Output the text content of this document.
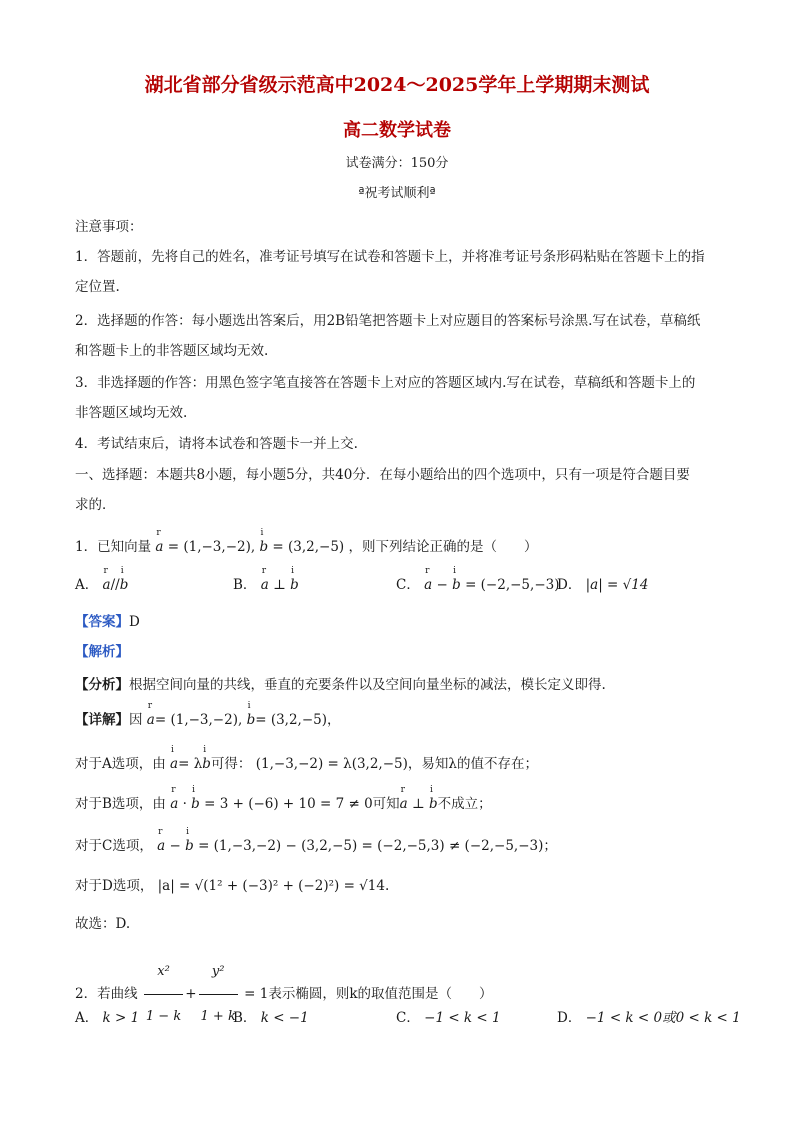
湖北省部分省级示范高中2024～2025学年上学期期末测试
高二数学试卷
试卷满分：150分
ª祝考试顺利ª
注意事项：
1．答题前，先将自己的姓名，准考证号填写在试卷和答题卡上，并将准考证号条形码粘贴在答题卡上的指
定位置.
2．选择题的作答：每小题选出答案后，用2B铅笔把答题卡上对应题目的答案标号涂黑.写在试卷，草稿纸
和答题卡上的非答题区域均无效.
3．非选择题的作答：用黑色签字笔直接答在答题卡上对应的答题区域内.写在试卷，草稿纸和答题卡上的
非答题区域均无效.
4．考试结束后，请将本试卷和答题卡一并上交.
一、选择题：本题共8小题，每小题5分，共40分．在每小题给出的四个选项中，只有一项是符合题目要
求的．
1．已知向量 a
r
= (1,−3,−2), b
i
= (3,2,−5) ，则下列结论正确的是（　　）
A． a
r
//b
i
B． a
r
⊥ b
i
C． a
r
− b
i
= (−2,−5,−3)
D． |a| = √14
【答案】D
【解析】
【分析】根据空间向量的共线，垂直的充要条件以及空间向量坐标的减法，模长定义即得.
【详解】因 a
r
= (1,−3,−2), b
i
= (3,2,−5)，
对于A选项，由 a
i
= λb
i
可得： (1,−3,−2) = λ(3,2,−5)，易知λ的值不存在；
对于B选项，由 a
r
· b
i
= 3 + (−6) + 10 = 7 ≠ 0可知a
r
⊥ b
i
不成立；
对于C选项， a
r
− b
i
= (1,−3,−2) − (3,2,−5) = (−2,−5,3) ≠ (−2,−5,−3)；
对于D选项， |a| = √(1² + (−3)² + (−2)²) = √14.
故选：D.
2．若曲线 $\frac{\text{x²}}{1 - k} + \frac{\text{y²}}{1 + k} = 1$表示椭圆，则k的取值范围是（　　）
A． k > 1	B． k < −1	C． −1 < k < 1	D． −1 < k < 0或0 < k < 1
